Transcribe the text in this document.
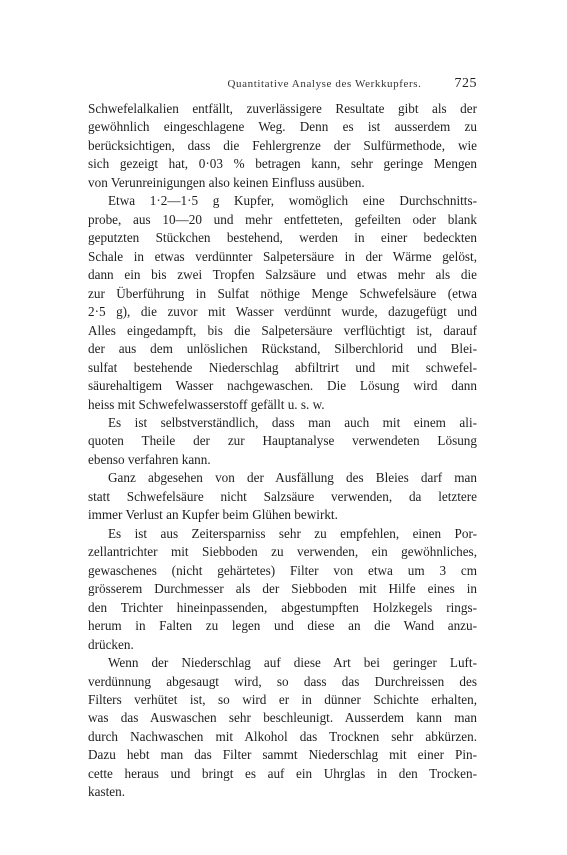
Quantitative Analyse des Werkkupfers.	725
Schwefelalkalien entfällt, zuverlässigere Resultate gibt als der
gewöhnlich eingeschlagene Weg. Denn es ist ausserdem zu
berücksichtigen, dass die Fehlergrenze der Sulfürmethode, wie
sich gezeigt hat, 0·03 % betragen kann, sehr geringe Mengen
von Verunreinigungen also keinen Einfluss ausüben.
Etwa 1·2—1·5 g Kupfer, womöglich eine Durchschnitts-
probe, aus 10—20 und mehr entfetteten, gefeilten oder blank
geputzten Stückchen bestehend, werden in einer bedeckten
Schale in etwas verdünnter Salpetersäure in der Wärme gelöst,
dann ein bis zwei Tropfen Salzsäure und etwas mehr als die
zur Überführung in Sulfat nöthige Menge Schwefelsäure (etwa
2·5 g), die zuvor mit Wasser verdünnt wurde, dazugefügt und
Alles eingedampft, bis die Salpetersäure verflüchtigt ist, darauf
der aus dem unlöslichen Rückstand, Silberchlorid und Blei-
sulfat bestehende Niederschlag abfiltrirt und mit schwefel-
säurehaltigem Wasser nachgewaschen. Die Lösung wird dann
heiss mit Schwefelwasserstoff gefällt u. s. w.
Es ist selbstverständlich, dass man auch mit einem ali-
quoten Theile der zur Hauptanalyse verwendeten Lösung
ebenso verfahren kann.
Ganz abgesehen von der Ausfällung des Bleies darf man
statt Schwefelsäure nicht Salzsäure verwenden, da letztere
immer Verlust an Kupfer beim Glühen bewirkt.
Es ist aus Zeitersparniss sehr zu empfehlen, einen Por-
zellantrichter mit Siebboden zu verwenden, ein gewöhnliches,
gewaschenes (nicht gehärtetes) Filter von etwa um 3 cm
grösserem Durchmesser als der Siebboden mit Hilfe eines in
den Trichter hineinpassenden, abgestumpften Holzkegels rings-
herum in Falten zu legen und diese an die Wand anzu-
drücken.
Wenn der Niederschlag auf diese Art bei geringer Luft-
verdünnung abgesaugt wird, so dass das Durchreissen des
Filters verhütet ist, so wird er in dünner Schichte erhalten,
was das Auswaschen sehr beschleunigt. Ausserdem kann man
durch Nachwaschen mit Alkohol das Trocknen sehr abkürzen.
Dazu hebt man das Filter sammt Niederschlag mit einer Pin-
cette heraus und bringt es auf ein Uhrglas in den Trocken-
kasten.
